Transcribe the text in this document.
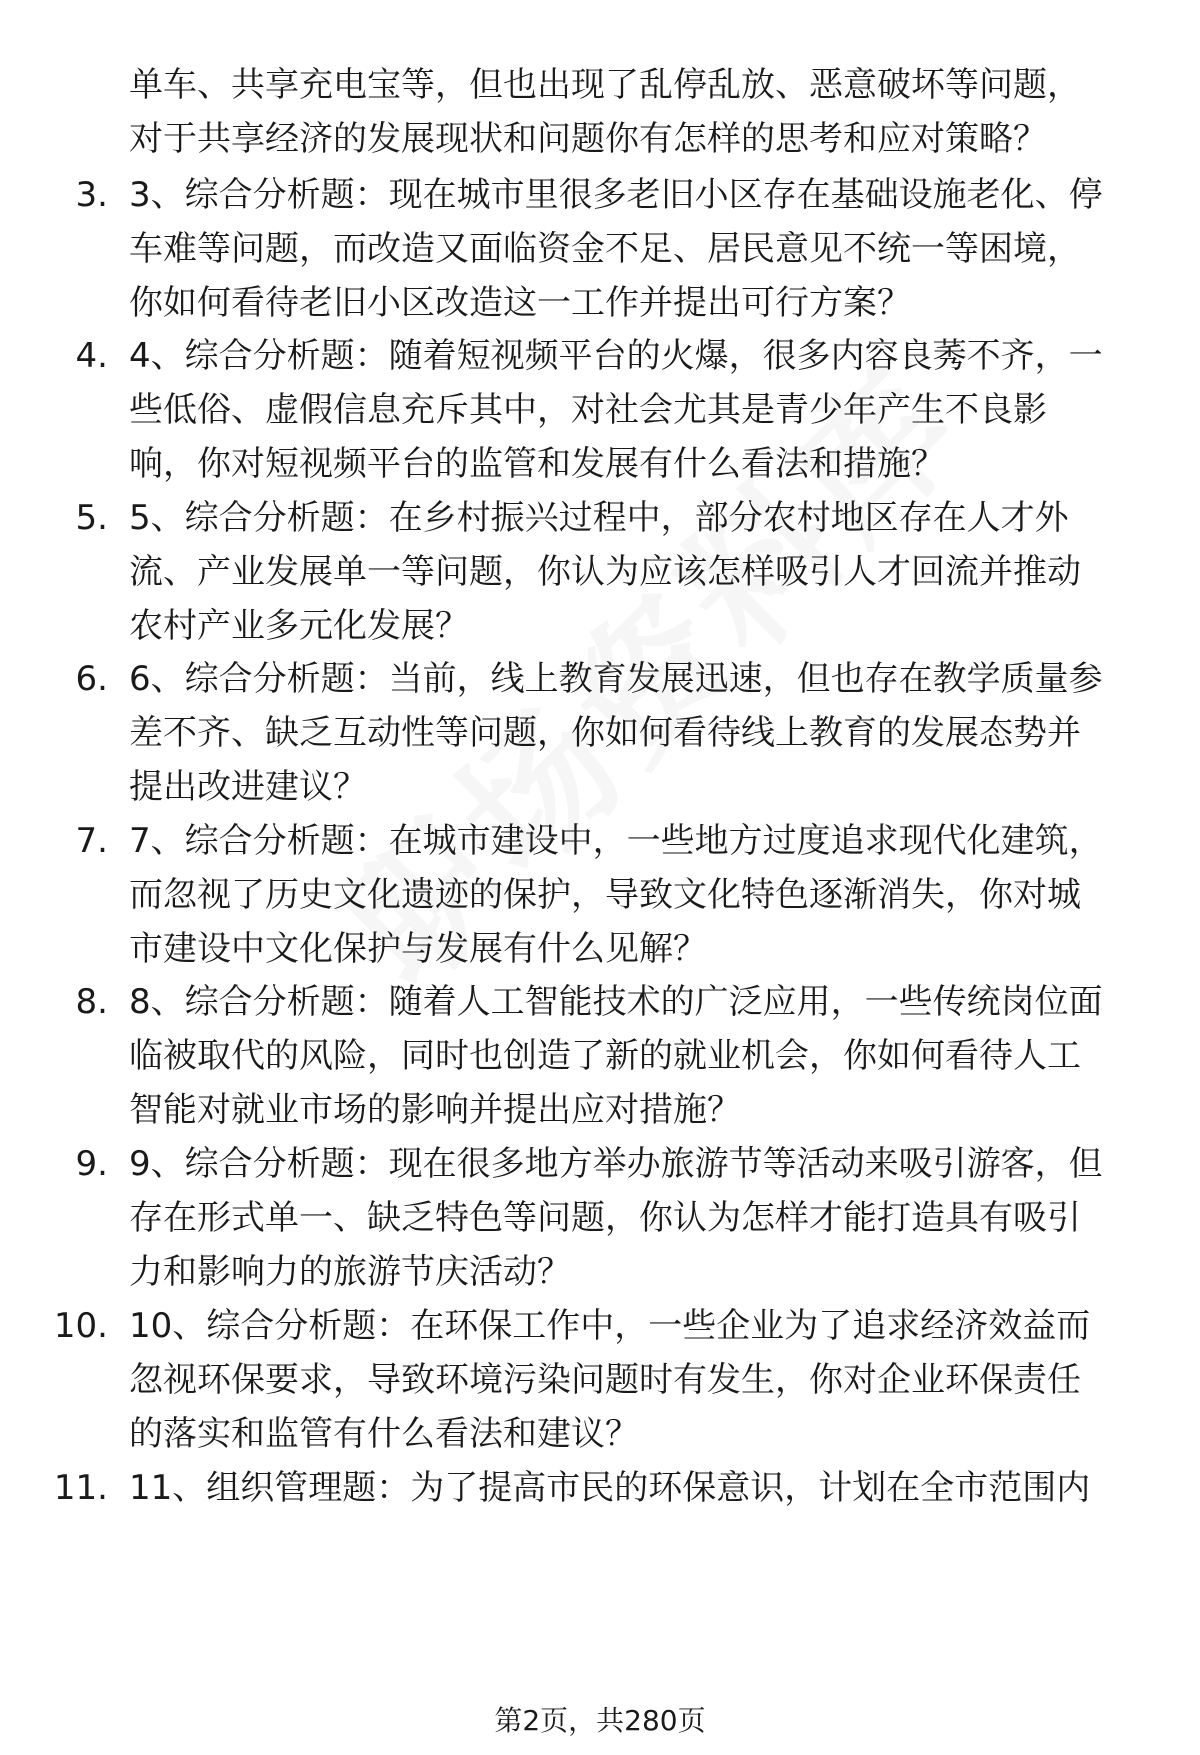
单车、共享充电宝等，但也出现了乱停乱放、恶意破坏等问题，
对于共享经济的发展现状和问题你有怎样的思考和应对策略？
3. 3、综合分析题：现在城市里很多老旧小区存在基础设施老化、停
车难等问题，而改造又面临资金不足、居民意见不统一等困境，
你如何看待老旧小区改造这一工作并提出可行方案？
4. 4、综合分析题：随着短视频平台的火爆，很多内容良莠不齐，一
些低俗、虚假信息充斥其中，对社会尤其是青少年产生不良影
响，你对短视频平台的监管和发展有什么看法和措施？
5. 5、综合分析题：在乡村振兴过程中，部分农村地区存在人才外
流、产业发展单一等问题，你认为应该怎样吸引人才回流并推动
农村产业多元化发展？
6. 6、综合分析题：当前，线上教育发展迅速，但也存在教学质量参
差不齐、缺乏互动性等问题，你如何看待线上教育的发展态势并
提出改进建议？
7. 7、综合分析题：在城市建设中，一些地方过度追求现代化建筑，
而忽视了历史文化遗迹的保护，导致文化特色逐渐消失，你对城
市建设中文化保护与发展有什么见解？
8. 8、综合分析题：随着人工智能技术的广泛应用，一些传统岗位面
临被取代的风险，同时也创造了新的就业机会，你如何看待人工
智能对就业市场的影响并提出应对措施？
9. 9、综合分析题：现在很多地方举办旅游节等活动来吸引游客，但
存在形式单一、缺乏特色等问题，你认为怎样才能打造具有吸引
力和影响力的旅游节庆活动？
10. 10、综合分析题：在环保工作中，一些企业为了追求经济效益而
忽视环保要求，导致环境污染问题时有发生，你对企业环保责任
的落实和监管有什么看法和建议？
11. 11、组织管理题：为了提高市民的环保意识，计划在全市范围内
第2页，共280页
